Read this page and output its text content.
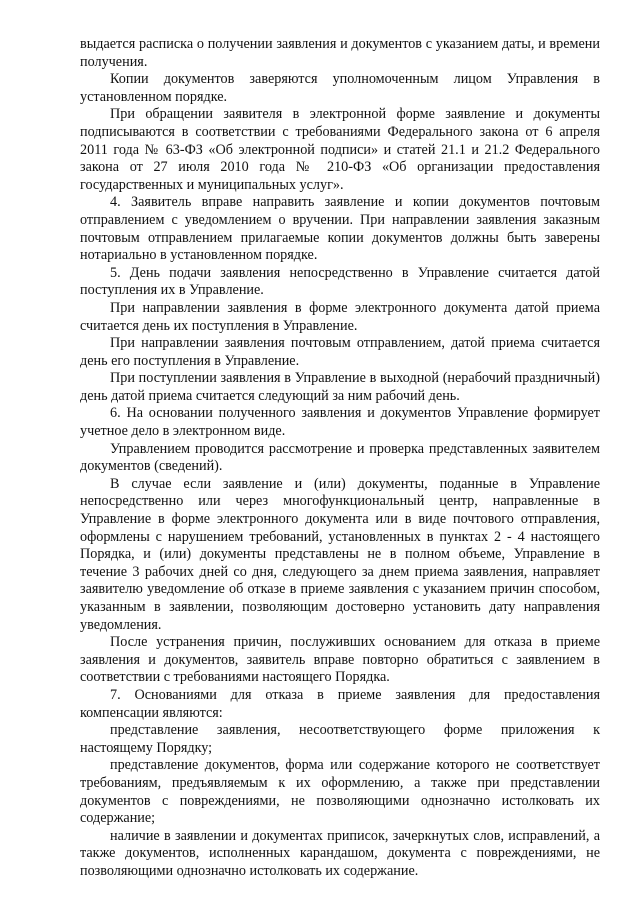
выдается расписка о получении заявления и документов с указанием даты, и времени получения.

Копии документов заверяются уполномоченным лицом Управления в установленном порядке.

При обращении заявителя в электронной форме заявление и документы подписываются в соответствии с требованиями Федерального закона от 6 апреля 2011 года № 63-ФЗ «Об электронной подписи» и статей 21.1 и 21.2 Федерального закона от 27 июля 2010 года № 210-ФЗ «Об организации предоставления государственных и муниципальных услуг».

4. Заявитель вправе направить заявление и копии документов почтовым отправлением с уведомлением о вручении. При направлении заявления заказным почтовым отправлением прилагаемые копии документов должны быть заверены нотариально в установленном порядке.

5. День подачи заявления непосредственно в Управление считается датой поступления их в Управление.

При направлении заявления в форме электронного документа датой приема считается день их поступления в Управление.

При направлении заявления почтовым отправлением, датой приема считается день его поступления в Управление.

При поступлении заявления в Управление в выходной (нерабочий праздничный) день датой приема считается следующий за ним рабочий день.

6. На основании полученного заявления и документов Управление формирует учетное дело в электронном виде.

Управлением проводится рассмотрение и проверка представленных заявителем документов (сведений).

В случае если заявление и (или) документы, поданные в Управление непосредственно или через многофункциональный центр, направленные в Управление в форме электронного документа или в виде почтового отправления, оформлены с нарушением требований, установленных в пунктах 2 - 4 настоящего Порядка, и (или) документы представлены не в полном объеме, Управление в течение 3 рабочих дней со дня, следующего за днем приема заявления, направляет заявителю уведомление об отказе в приеме заявления с указанием причин способом, указанным в заявлении, позволяющим достоверно установить дату направления уведомления.

После устранения причин, послуживших основанием для отказа в приеме заявления и документов, заявитель вправе повторно обратиться с заявлением в соответствии с требованиями настоящего Порядка.

7. Основаниями для отказа в приеме заявления для предоставления компенсации являются:

представление заявления, несоответствующего форме приложения к настоящему Порядку;

представление документов, форма или содержание которого не соответствует требованиям, предъявляемым к их оформлению, а также при представлении документов с повреждениями, не позволяющими однозначно истолковать их содержание;

наличие в заявлении и документах приписок, зачеркнутых слов, исправлений, а также документов, исполненных карандашом, документа с повреждениями, не позволяющими однозначно истолковать их содержание.
